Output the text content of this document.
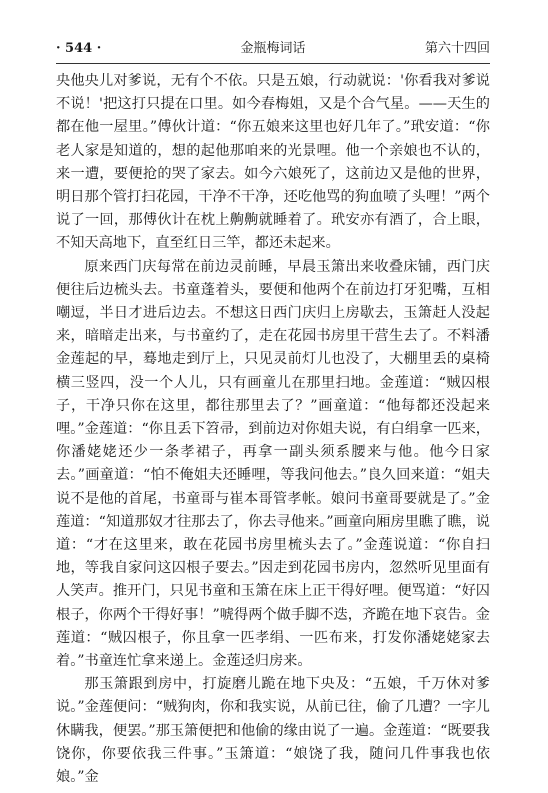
· 544 ·	金瓶梅词话	第六十四回

央他央儿对爹说，无有个不依。只是五娘，行动就说：'你看我对爹说不说！'把这打只提在口里。如今春梅姐，又是个合气星。——天生的都在他一屋里。”傅伙计道：“你五娘来这里也好几年了。”玳安道：“你老人家是知道的，想的起他那咱来的光景哩。他一个亲娘也不认的，来一遭，要便抢的哭了家去。如今六娘死了，这前边又是他的世界，明日那个管打扫花园，干净不干净，还吃他骂的狗血喷了头哩！”两个说了一回，那傅伙计在枕上齁齁就睡着了。玳安亦有酒了，合上眼，不知天高地下，直至红日三竿，都还未起来。

原来西门庆每常在前边灵前睡，早晨玉箫出来收叠床铺，西门庆便往后边梳头去。书童蓬着头，要便和他两个在前边打牙犯嘴，互相嘲逗，半日才进后边去。不想这日西门庆归上房歇去，玉箫赶人没起来，暗暗走出来，与书童约了，走在花园书房里干营生去了。不料潘金莲起的早，蓦地走到厅上，只见灵前灯儿也没了，大棚里丢的桌椅横三竖四，没一个人儿，只有画童儿在那里扫地。金莲道：“贼囚根子，干净只你在这里，都往那里去了？”画童道：“他每都还没起来哩。”金莲道：“你且丢下笤帚，到前边对你姐夫说，有白绢拿一匹来，你潘姥姥还少一条孝裙子，再拿一副头须系腰来与他。他今日家去。”画童道：“怕不俺姐夫还睡哩，等我问他去。”良久回来道：“姐夫说不是他的首尾，书童哥与崔本哥管孝帐。娘问书童哥要就是了。”金莲道：“知道那奴才往那去了，你去寻他来。”画童向厢房里瞧了瞧，说道：“才在这里来，敢在花园书房里梳头去了。”金莲说道：“你自扫地，等我自家问这囚根子要去。”因走到花园书房内，忽然听见里面有人笑声。推开门，只见书童和玉箫在床上正干得好哩。便骂道：“好囚根子，你两个干得好事！”唬得两个做手脚不迭，齐跪在地下哀告。金莲道：“贼囚根子，你且拿一匹孝绢、一匹布来，打发你潘姥姥家去着。”书童连忙拿来递上。金莲迳归房来。

那玉箫跟到房中，打旋磨儿跪在地下央及：“五娘，千万休对爹说。”金莲便问：“贼狗肉，你和我实说，从前已往，偷了几遭？一字儿休瞒我，便罢。”那玉箫便把和他偷的缘由说了一遍。金莲道：“既要我饶你，你要依我三件事。”玉箫道：“娘饶了我，随问几件事我也依娘。”金
